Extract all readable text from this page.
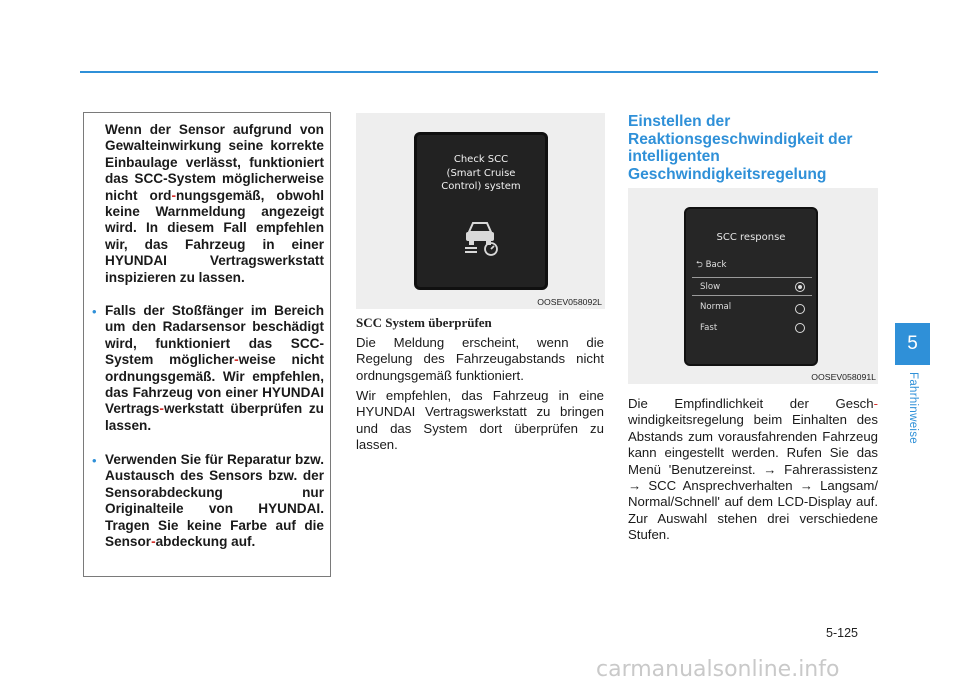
Wenn der Sensor aufgrund von Gewalteinwirkung seine korrekte Einbaulage verlässt, funktioniert das SCC-System möglicherweise nicht ord-nungsgemäß, obwohl keine Warnmeldung angezeigt wird. In diesem Fall empfehlen wir, das Fahrzeug in einer HYUNDAI Vertragswerkstatt inspizieren zu lassen.

• Falls der Stoßfänger im Bereich um den Radarsensor beschädigt wird, funktioniert das SCC-System möglicher-weise nicht ordnungsgemäß. Wir empfehlen, das Fahrzeug von einer HYUNDAI Vertrags-werkstatt überprüfen zu lassen.

• Verwenden Sie für Reparatur bzw. Austausch des Sensors bzw. der Sensorabdeckung nur Originalteile von HYUNDAI. Tragen Sie keine Farbe auf die Sensor-abdeckung auf.

Check SCC
(Smart Cruise
Control) system
OOSEV058092L
SCC System überprüfen

Die Meldung erscheint, wenn die Regelung des Fahrzeugabstands nicht ordnungsgemäß funktioniert.

Wir empfehlen, das Fahrzeug in eine HYUNDAI Vertragswerkstatt zu bringen und das System dort überprüfen zu lassen.

Einstellen der Reaktionsgeschwindigkeit der intelligenten Geschwindigkeitsregelung
SCC response
⮌ Back
Slow
Normal
Fast
OOSEV058091L

Die Empfindlichkeit der Gesch-windigkeitsregelung beim Einhalten des Abstands zum vorausfahrenden Fahrzeug kann eingestellt werden. Rufen Sie das Menü 'Benutzereinst. → Fahrerassistenz → SCC Ansprechverhalten → Langsam/ Normal/Schnell' auf dem LCD-Display auf. Zur Auswahl stehen drei verschiedene Stufen.

5
Fahrhinweise
5-125
carmanualsonline.info
